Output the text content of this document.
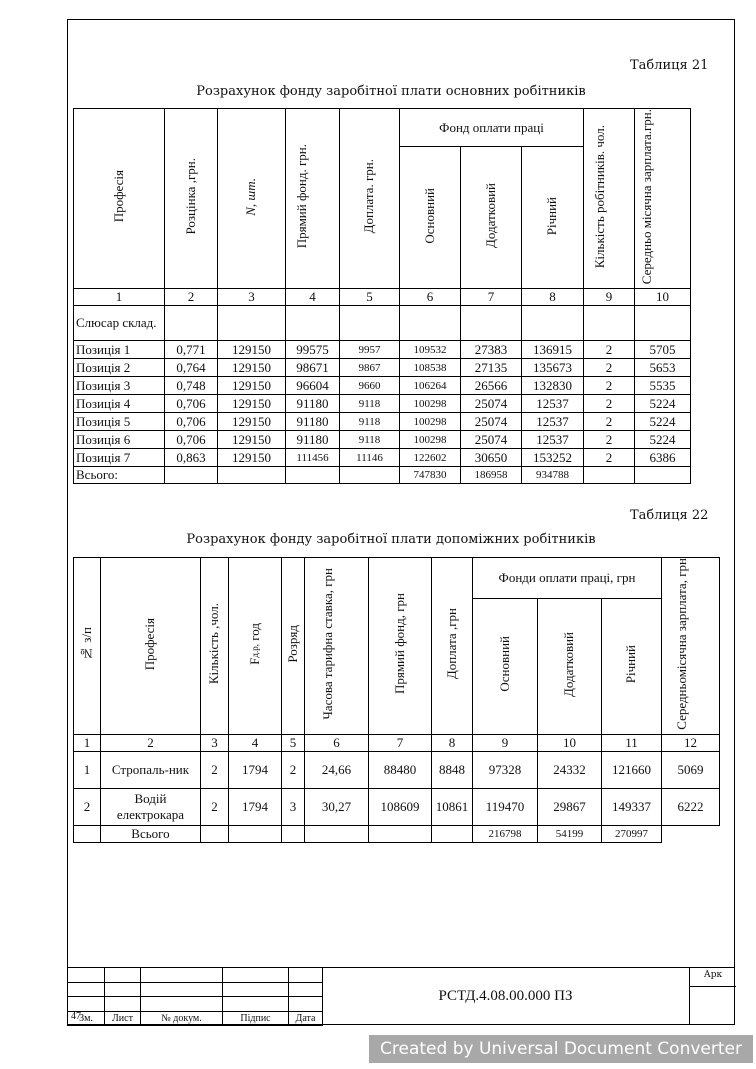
Таблиця 21
Розрахунок фонду заробітної плати основних робітників
Професія	Розцінка ,грн.	N, шт.	Прямий фонд. грн.	Доплата. грн.	Фонд оплати праці			Кількість робітників. чол.	Середньо місячна зарплата.грн.
					Основний	Додатковий	Річний		
1	2	3	4	5	6	7	8	9	10
Слюсар склад.									
Позиція 1	0,771	129150	99575	9957	109532	27383	136915	2	5705
Позиція 2	0,764	129150	98671	9867	108538	27135	135673	2	5653
Позиція 3	0,748	129150	96604	9660	106264	26566	132830	2	5535
Позиція 4	0,706	129150	91180	9118	100298	25074	12537	2	5224
Позиція 5	0,706	129150	91180	9118	100298	25074	12537	2	5224
Позиція 6	0,706	129150	91180	9118	100298	25074	12537	2	5224
Позиція 7	0,863	129150	111456	11146	122602	30650	153252	2	6386
Всього:					747830	186958	934788		
Таблиця 22
Розрахунок фонду заробітної плати допоміжних робітників
№ з/п	Професія	Кількість ,чол.	Fд.р, год	Розряд	Часова тарифна ставка, грн	Прямий фонд, грн	Доплата ,грн	Фонди оплати праці, грн			Середньомісячна зарплата, грн
								Основний	Додатковий	Річний	
1	2	3	4	5	6	7	8	9	10	11	12
1	Стропаль-ник	2	1794	2	24,66	88480	8848	97328	24332	121660	5069
2	Водій електрокара	2	1794	3	30,27	108609	10861	119470	29867	149337	6222
	Всього							216798	54199	270997	

Зм.	Лист	№ докум.	Підпис	Дата
РСТД.4.08.00.000 ПЗ
Арк
47
Created by Universal Document Converter
